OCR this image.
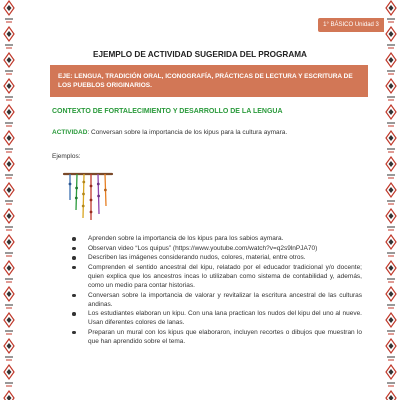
1° BÁSICO Unidad 3
EJEMPLO DE ACTIVIDAD SUGERIDA DEL PROGRAMA
EJE: LENGUA, TRADICIÓN ORAL, ICONOGRAFÍA, PRÁCTICAS DE LECTURA Y ESCRITURA DE LOS PUEBLOS ORIGINARIOS.
CONTEXTO DE FORTALECIMIENTO Y DESARROLLO DE LA LENGUA
ACTIVIDAD: Conversan sobre la importancia de los kipus para la cultura aymara.
Ejemplos:
Aprenden sobre la importancia de los kipus para los sabios aymara.
Observan video “Los quipus” (https://www.youtube.com/watch?v=q2s9lnPJA70)
Describen las imágenes considerando nudos, colores, material, entre otros.
Comprenden el sentido ancestral del kipu, relatado por el educador tradicional y/o docente; quien explica que los ancestros incas lo utilizaban como sistema de contabilidad y, además, como un medio para contar historias.
Conversan sobre la importancia de valorar y revitalizar la escritura ancestral de las culturas andinas.
Los estudiantes elaboran un kipu. Con una lana practican los nudos del kipu del uno al nueve. Usan diferentes colores de lanas.
Preparan un mural con los kipus que elaboraron, incluyen recortes o dibujos que muestran lo que han aprendido sobre el tema.
